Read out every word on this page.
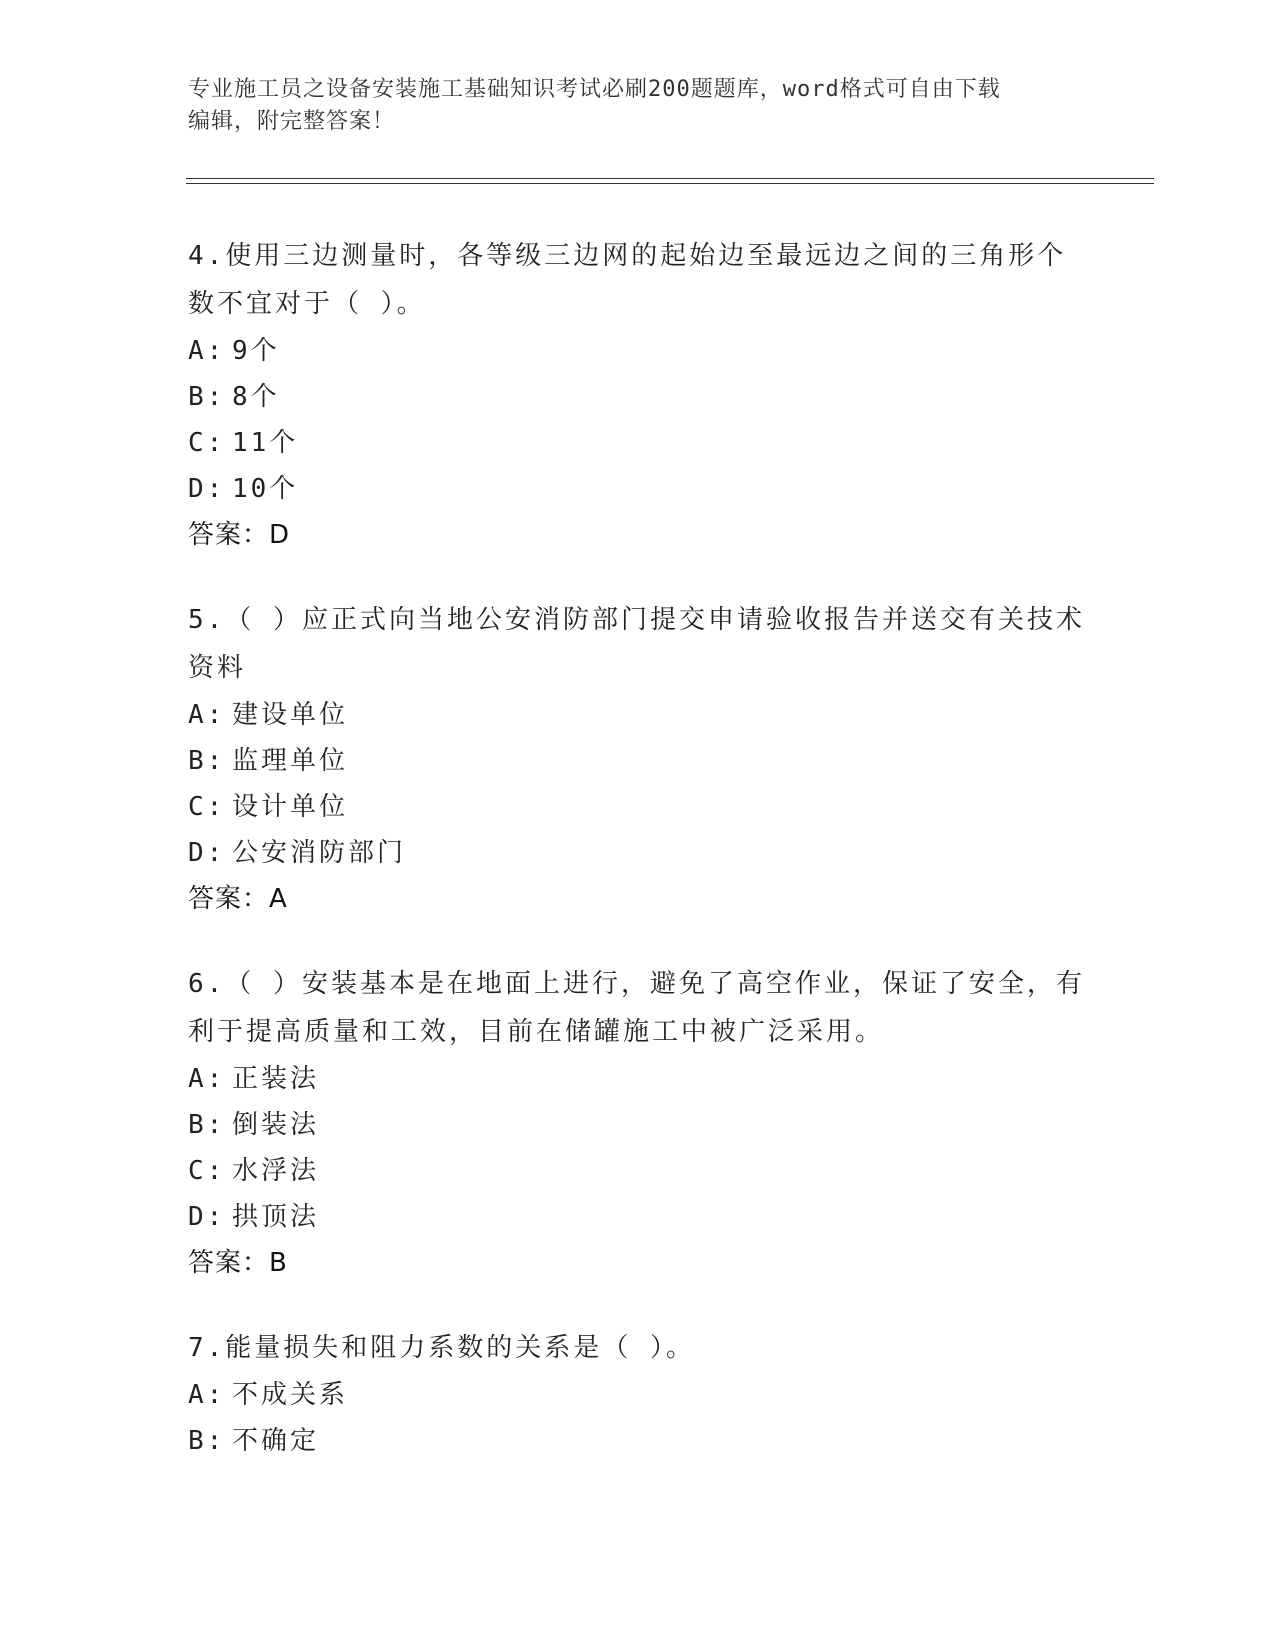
专业施工员之设备安装施工基础知识考试必刷200题题库，word格式可自由下载
编辑，附完整答案！

4.使用三边测量时，各等级三边网的起始边至最远边之间的三角形个

数不宜对于（ ）。

A: 9个

B: 8个

C: 11个

D: 10个

答案：D

5.（ ）应正式向当地公安消防部门提交申请验收报告并送交有关技术

资料

A: 建设单位

B: 监理单位

C: 设计单位

D: 公安消防部门

答案：A

6.（ ）安装基本是在地面上进行，避免了高空作业，保证了安全，有

利于提高质量和工效，目前在储罐施工中被广泛采用。

A: 正装法

B: 倒装法

C: 水浮法

D: 拱顶法

答案：B

7.能量损失和阻力系数的关系是（ ）。

A: 不成关系

B: 不确定
